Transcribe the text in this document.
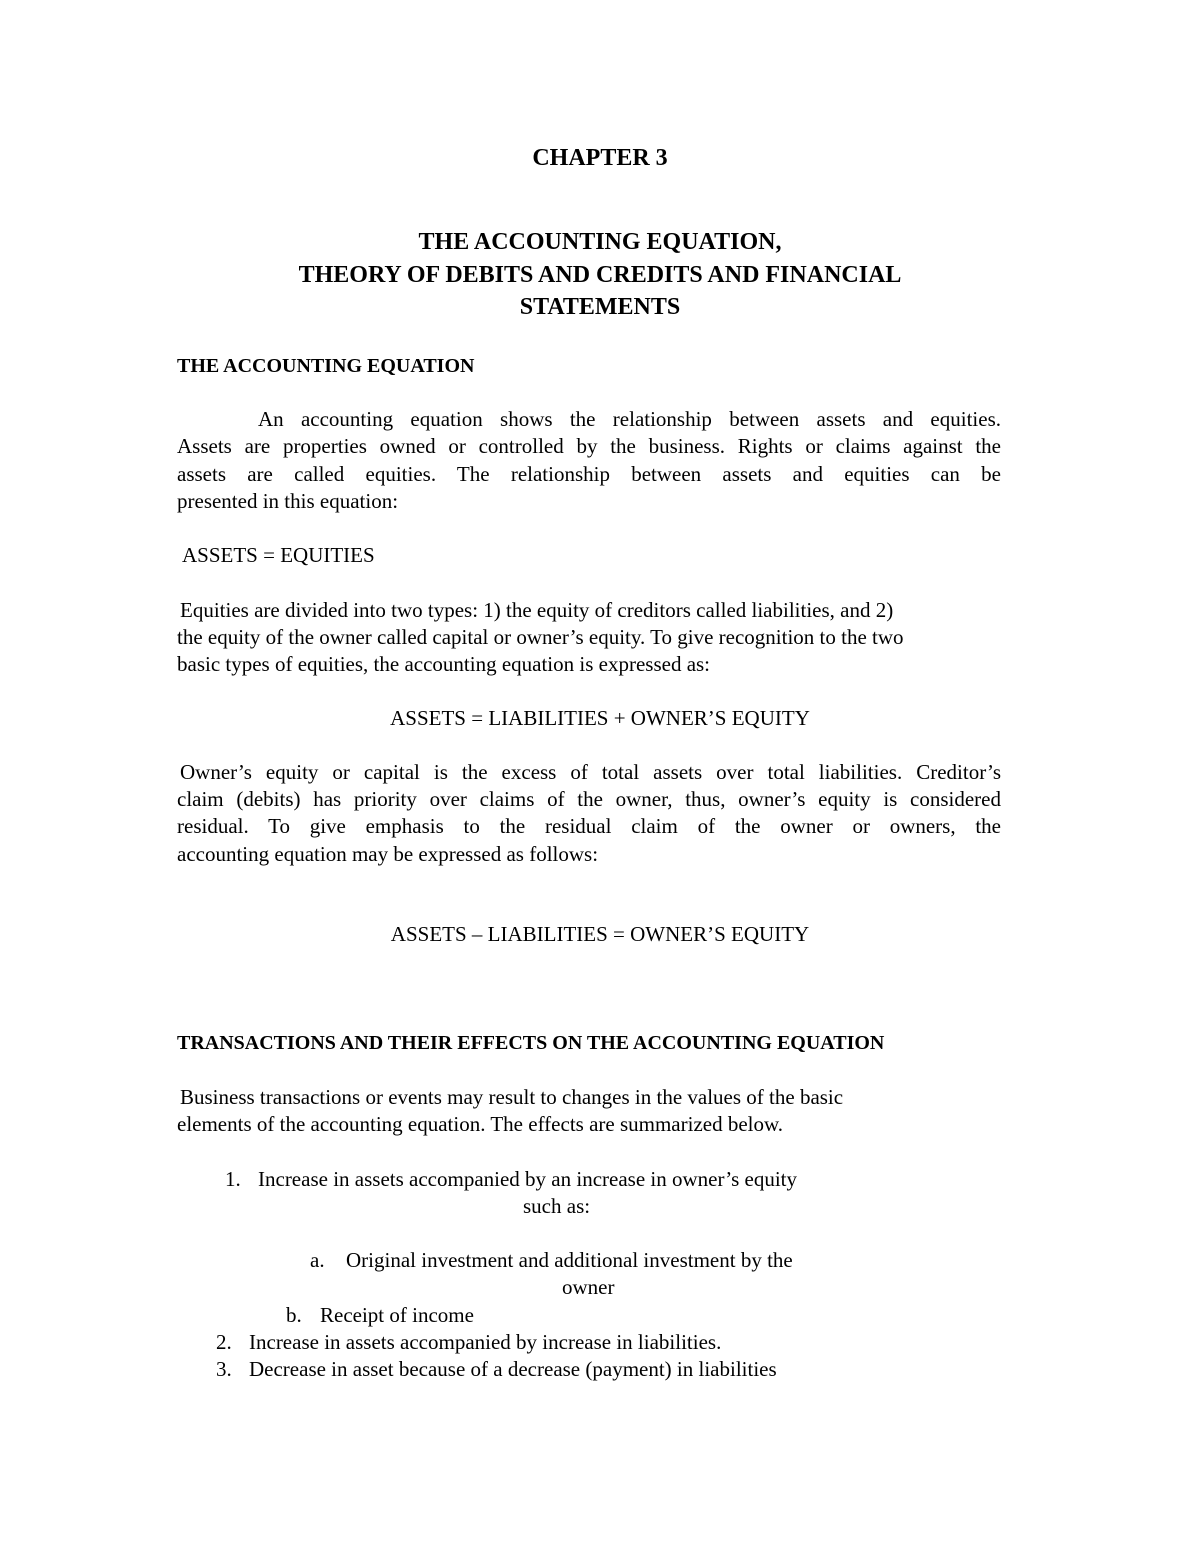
CHAPTER 3

THE ACCOUNTING EQUATION,

THEORY OF DEBITS AND CREDITS AND FINANCIAL

STATEMENTS

THE ACCOUNTING EQUATION

An accounting equation shows the relationship between assets and equities.

Assets are properties owned or controlled by the business. Rights or claims against the

assets are called equities. The relationship between assets and equities can be

presented in this equation:

ASSETS = EQUITIES

Equities are divided into two types: 1) the equity of creditors called liabilities, and 2)

the equity of the owner called capital or owner’s equity. To give recognition to the two

basic types of equities, the accounting equation is expressed as:

ASSETS = LIABILITIES + OWNER’S EQUITY

Owner’s equity or capital is the excess of total assets over total liabilities. Creditor’s

claim (debits) has priority over claims of the owner, thus, owner’s equity is considered

residual. To give emphasis to the residual claim of the owner or owners, the

accounting equation may be expressed as follows:

ASSETS – LIABILITIES = OWNER’S EQUITY

TRANSACTIONS AND THEIR EFFECTS ON THE ACCOUNTING EQUATION

Business transactions or events may result to changes in the values of the basic

elements of the accounting equation. The effects are summarized below.

1. Increase in assets accompanied by an increase in owner’s equity

such as:

a. Original investment and additional investment by the

owner

b. Receipt of income

2. Increase in assets accompanied by increase in liabilities.

3. Decrease in asset because of a decrease (payment) in liabilities
